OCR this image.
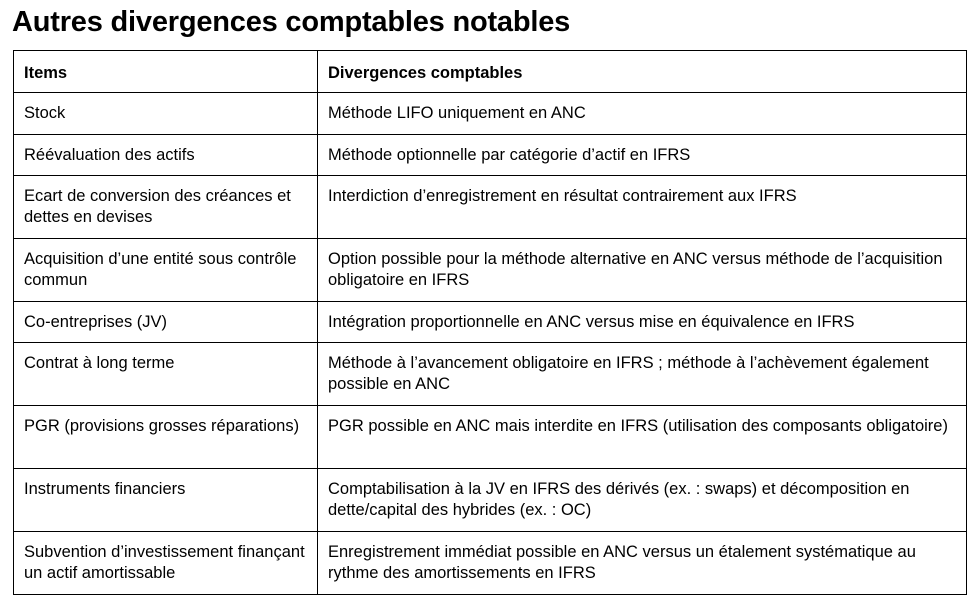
Autres divergences comptables notables
Items	Divergences comptables
Stock	Méthode LIFO uniquement en ANC
Réévaluation des actifs	Méthode optionnelle par catégorie d’actif en IFRS
Ecart de conversion des créances et dettes en devises	Interdiction d’enregistrement en résultat contrairement aux IFRS
Acquisition d’une entité sous contrôle commun	Option possible pour la méthode alternative en ANC versus méthode de l’acquisition obligatoire en IFRS
Co-entreprises (JV)	Intégration proportionnelle en ANC versus mise en équivalence en IFRS
Contrat à long terme	Méthode à l’avancement obligatoire en IFRS ; méthode à l’achèvement également possible en ANC
PGR (provisions grosses réparations)	PGR possible en ANC mais interdite en IFRS (utilisation des composants obligatoire)
Instruments financiers	Comptabilisation à la JV en IFRS des dérivés (ex. : swaps) et décomposition en dette/capital des hybrides (ex. : OC)
Subvention d’investissement finançant un actif amortissable	Enregistrement immédiat possible en ANC versus un étalement systématique au rythme des amortissements en IFRS
